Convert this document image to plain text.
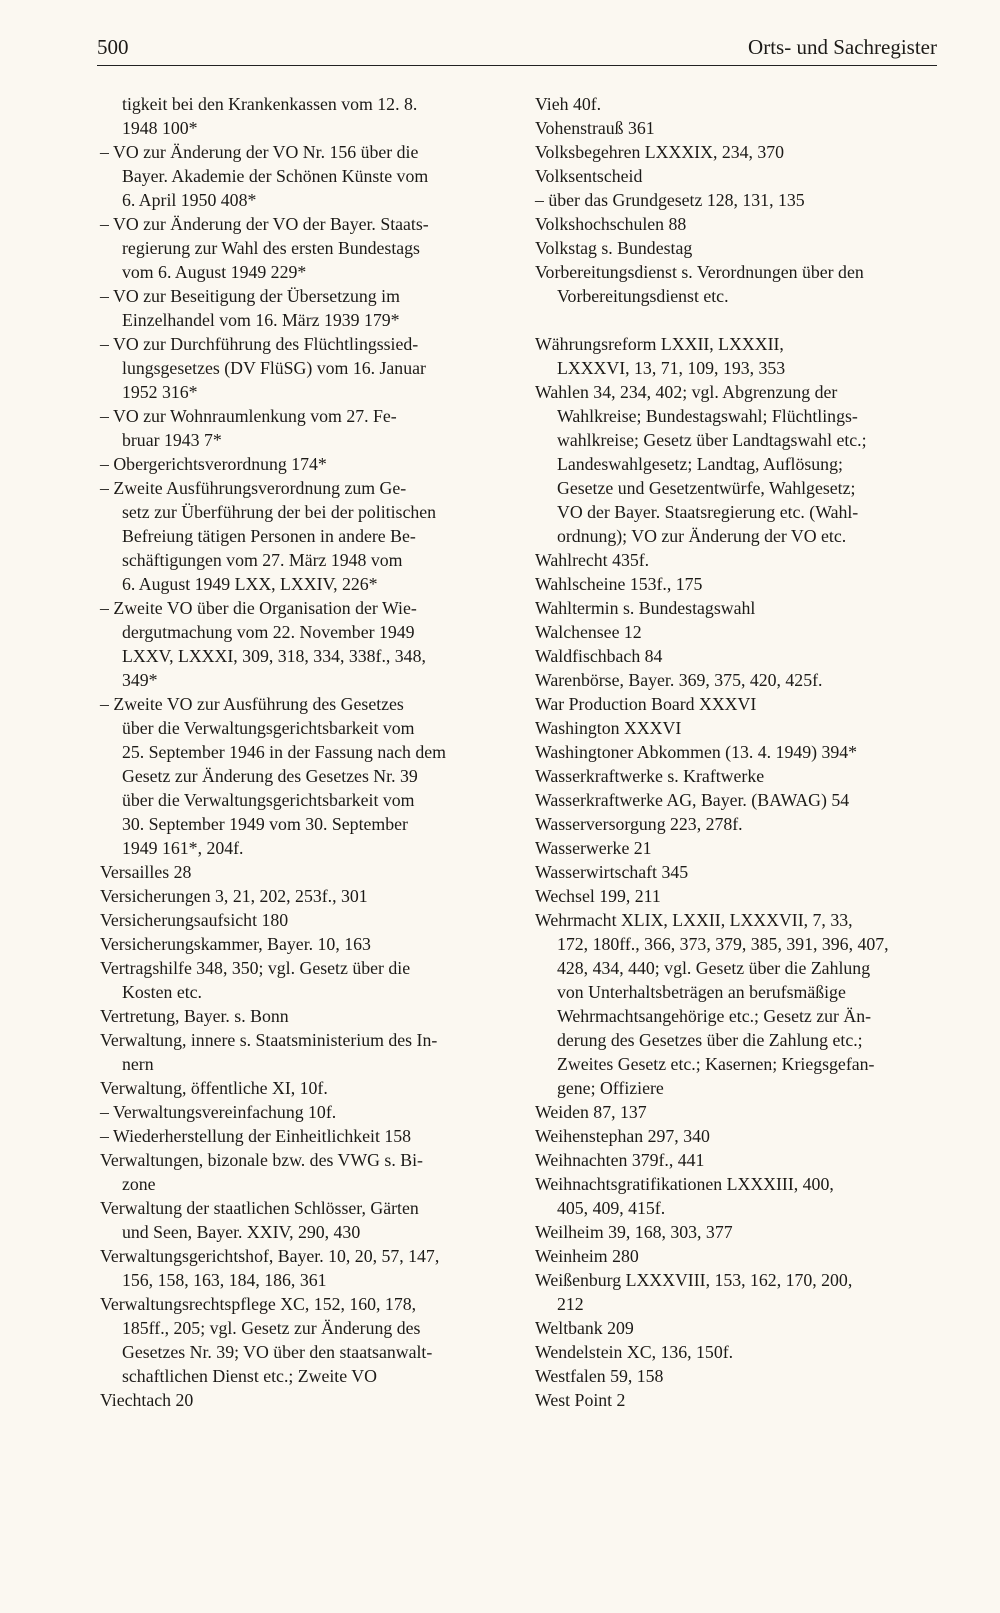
500	Orts- und Sachregister
tigkeit bei den Krankenkassen vom 12. 8.
1948 100*
– VO zur Änderung der VO Nr. 156 über die
Bayer. Akademie der Schönen Künste vom
6. April 1950 408*
– VO zur Änderung der VO der Bayer. Staats-
regierung zur Wahl des ersten Bundestags
vom 6. August 1949 229*
– VO zur Beseitigung der Übersetzung im
Einzelhandel vom 16. März 1939 179*
– VO zur Durchführung des Flüchtlingssied-
lungsgesetzes (DV FlüSG) vom 16. Januar
1952 316*
– VO zur Wohnraumlenkung vom 27. Fe-
bruar 1943 7*
– Obergerichtsverordnung 174*
– Zweite Ausführungsverordnung zum Ge-
setz zur Überführung der bei der politischen
Befreiung tätigen Personen in andere Be-
schäftigungen vom 27. März 1948 vom
6. August 1949 LXX, LXXIV, 226*
– Zweite VO über die Organisation der Wie-
dergutmachung vom 22. November 1949
LXXV, LXXXI, 309, 318, 334, 338f., 348,
349*
– Zweite VO zur Ausführung des Gesetzes
über die Verwaltungsgerichtsbarkeit vom
25. September 1946 in der Fassung nach dem
Gesetz zur Änderung des Gesetzes Nr. 39
über die Verwaltungsgerichtsbarkeit vom
30. September 1949 vom 30. September
1949 161*, 204f.
Versailles 28
Versicherungen 3, 21, 202, 253f., 301
Versicherungsaufsicht 180
Versicherungskammer, Bayer. 10, 163
Vertragshilfe 348, 350; vgl. Gesetz über die
Kosten etc.
Vertretung, Bayer. s. Bonn
Verwaltung, innere s. Staatsministerium des In-
nern
Verwaltung, öffentliche XI, 10f.
– Verwaltungsvereinfachung 10f.
– Wiederherstellung der Einheitlichkeit 158
Verwaltungen, bizonale bzw. des VWG s. Bi-
zone
Verwaltung der staatlichen Schlösser, Gärten
und Seen, Bayer. XXIV, 290, 430
Verwaltungsgerichtshof, Bayer. 10, 20, 57, 147,
156, 158, 163, 184, 186, 361
Verwaltungsrechtspflege XC, 152, 160, 178,
185ff., 205; vgl. Gesetz zur Änderung des
Gesetzes Nr. 39; VO über den staatsanwalt-
schaftlichen Dienst etc.; Zweite VO
Viechtach 20
Vieh 40f.
Vohenstrauß 361
Volksbegehren LXXXIX, 234, 370
Volksentscheid
– über das Grundgesetz 128, 131, 135
Volkshochschulen 88
Volkstag s. Bundestag
Vorbereitungsdienst s. Verordnungen über den
Vorbereitungsdienst etc.
Währungsreform LXXII, LXXXII,
LXXXVI, 13, 71, 109, 193, 353
Wahlen 34, 234, 402; vgl. Abgrenzung der
Wahlkreise; Bundestagswahl; Flüchtlings-
wahlkreise; Gesetz über Landtagswahl etc.;
Landeswahlgesetz; Landtag, Auflösung;
Gesetze und Gesetzentwürfe, Wahlgesetz;
VO der Bayer. Staatsregierung etc. (Wahl-
ordnung); VO zur Änderung der VO etc.
Wahlrecht 435f.
Wahlscheine 153f., 175
Wahltermin s. Bundestagswahl
Walchensee 12
Waldfischbach 84
Warenbörse, Bayer. 369, 375, 420, 425f.
War Production Board XXXVI
Washington XXXVI
Washingtoner Abkommen (13. 4. 1949) 394*
Wasserkraftwerke s. Kraftwerke
Wasserkraftwerke AG, Bayer. (BAWAG) 54
Wasserversorgung 223, 278f.
Wasserwerke 21
Wasserwirtschaft 345
Wechsel 199, 211
Wehrmacht XLIX, LXXII, LXXXVII, 7, 33,
172, 180ff., 366, 373, 379, 385, 391, 396, 407,
428, 434, 440; vgl. Gesetz über die Zahlung
von Unterhaltsbeträgen an berufsmäßige
Wehrmachtsangehörige etc.; Gesetz zur Än-
derung des Gesetzes über die Zahlung etc.;
Zweites Gesetz etc.; Kasernen; Kriegsgefan-
gene; Offiziere
Weiden 87, 137
Weihenstephan 297, 340
Weihnachten 379f., 441
Weihnachtsgratifikationen LXXXIII, 400,
405, 409, 415f.
Weilheim 39, 168, 303, 377
Weinheim 280
Weißenburg LXXXVIII, 153, 162, 170, 200,
212
Weltbank 209
Wendelstein XC, 136, 150f.
Westfalen 59, 158
West Point 2
